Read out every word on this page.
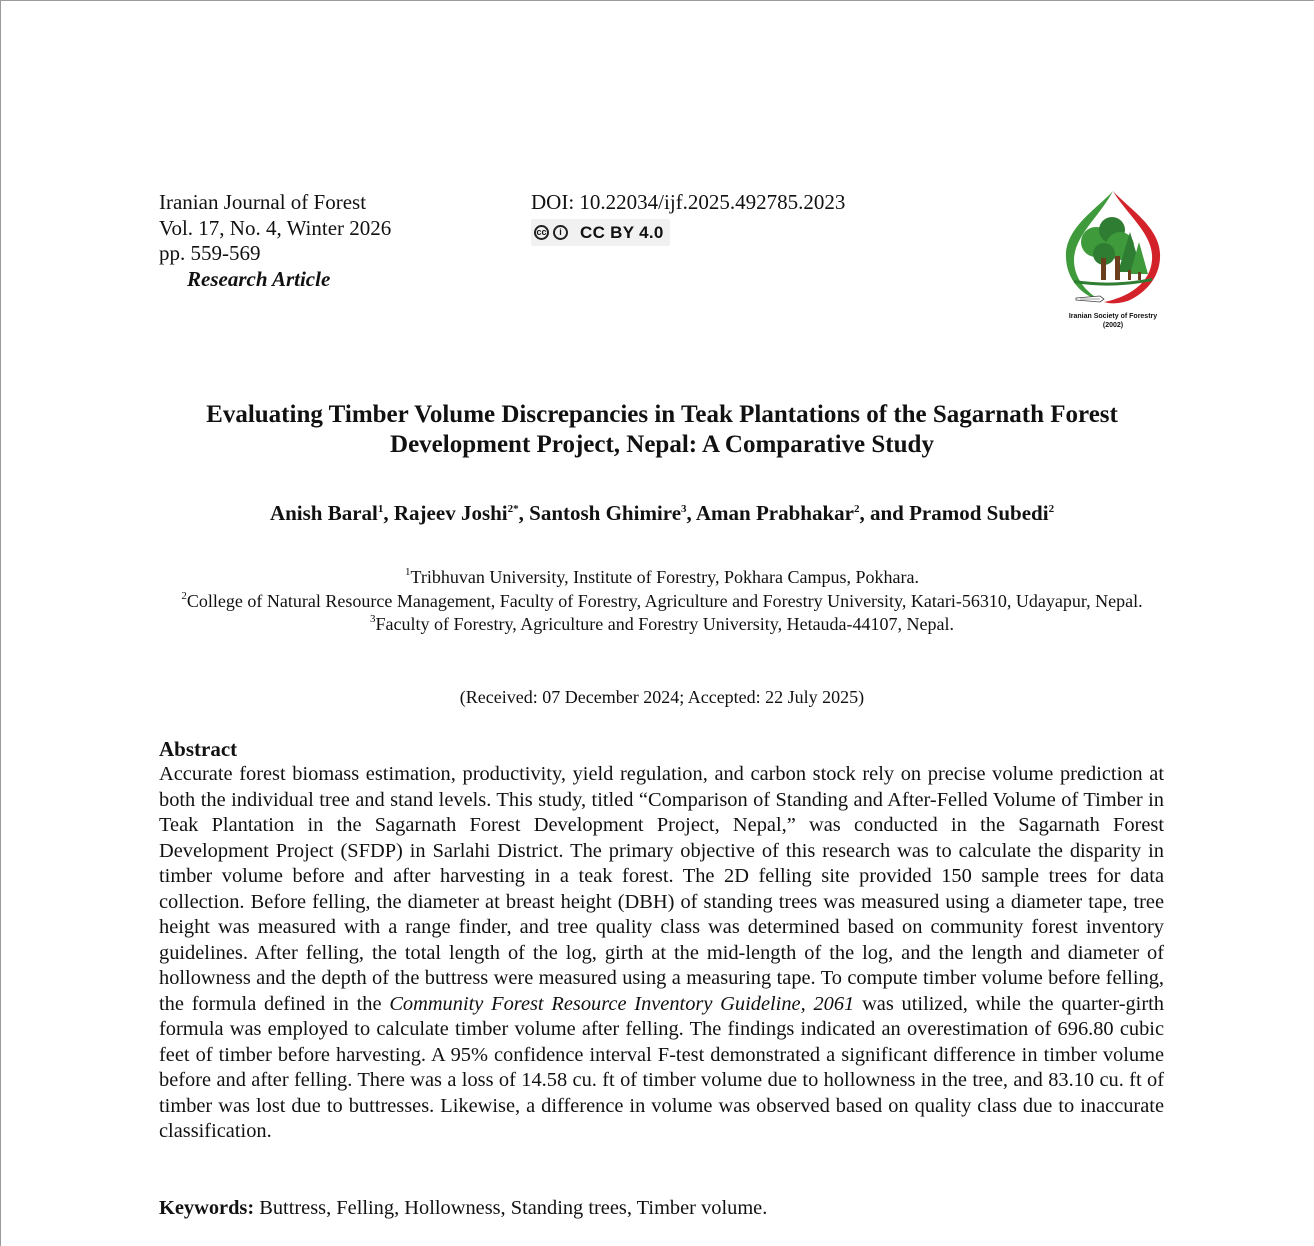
Iranian Journal of Forest
Vol. 17, No. 4, Winter 2026
pp. 559-569
Research Article
DOI: 10.22034/ijf.2025.492785.2023
cc	i	CC BY 4.0
Iranian Society of Forestry
(2002)
Evaluating Timber Volume Discrepancies in Teak Plantations of the Sagarnath Forest
Development Project, Nepal: A Comparative Study
Anish Baral$^1$, Rajeev Joshi$^{2*}$, Santosh Ghimire$^3$, Aman Prabhakar$^2$, and Pramod Subedi$^2$
$^1$Tribhuvan University, Institute of Forestry, Pokhara Campus, Pokhara.
$^2$College of Natural Resource Management, Faculty of Forestry, Agriculture and Forestry University, Katari-56310, Udayapur, Nepal.
$^3$Faculty of Forestry, Agriculture and Forestry University, Hetauda-44107, Nepal.
(Received: 07 December 2024; Accepted: 22 July 2025)
Abstract

Accurate forest biomass estimation, productivity, yield regulation, and carbon stock rely on precise volume prediction at both the individual tree and stand levels. This study, titled “Comparison of Standing and After-Felled Volume of Timber in Teak Plantation in the Sagarnath Forest Development Project, Nepal,” was conducted in the Sagarnath Forest Development Project (SFDP) in Sarlahi District. The primary objective of this research was to calculate the disparity in timber volume before and after harvesting in a teak forest. The 2D felling site provided 150 sample trees for data collection. Before felling, the diameter at breast height (DBH) of standing trees was measured using a diameter tape, tree height was measured with a range finder, and tree quality class was determined based on community forest inventory guidelines. After felling, the total length of the log, girth at the mid-length of the log, and the length and diameter of hollowness and the depth of the buttress were measured using a measuring tape. To compute timber volume before felling, the formula defined in the Community Forest Resource Inventory Guideline, 2061 was utilized, while the quarter-girth formula was employed to calculate timber volume after felling. The findings indicated an overestimation of 696.80 cubic feet of timber before harvesting. A 95% confidence interval F-test demonstrated a significant difference in timber volume before and after felling. There was a loss of 14.58 cu. ft of timber volume due to hollowness in the tree, and 83.10 cu. ft of timber was lost due to buttresses. Likewise, a difference in volume was observed based on quality class due to inaccurate classification.

Keywords: Buttress, Felling, Hollowness, Standing trees, Timber volume.
